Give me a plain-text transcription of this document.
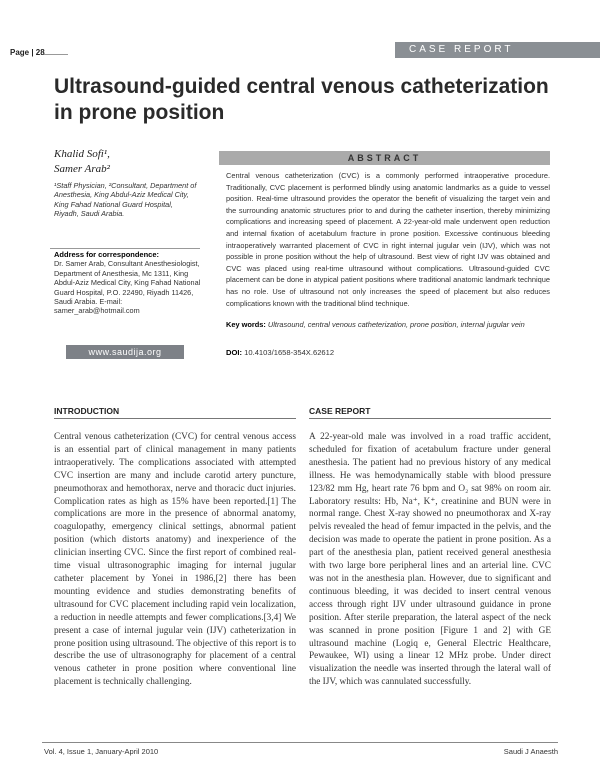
Page | 28	CASE REPORT
Ultrasound-guided central venous catheterization in prone position
Khalid Sofi¹,
Samer Arab²
¹Staff Physician, ²Consultant, Department of Anesthesia, King Abdul-Aziz Medical City, King Fahad National Guard Hospital, Riyadh, Saudi Arabia.
Address for correspondence:
Dr. Samer Arab, Consultant Anesthesiologist, Department of Anesthesia, Mc 1311, King Abdul-Aziz Medical City, King Fahad National Guard Hospital, P.O. 22490, Riyadh 11426, Saudi Arabia. E-mail: samer_arab@hotmail.com
www.saudija.org
ABSTRACT

Central venous catheterization (CVC) is a commonly performed intraoperative procedure. Traditionally, CVC placement is performed blindly using anatomic landmarks as a guide to vessel position. Real-time ultrasound provides the operator the benefit of visualizing the target vein and the surrounding anatomic structures prior to and during the catheter insertion, thereby minimizing complications and increasing speed of placement. A 22-year-old male underwent open reduction and internal fixation of acetabulum fracture in prone position. Excessive continuous bleeding intraoperatively warranted placement of CVC in right internal jugular vein (IJV), which was not possible in prone position without the help of ultrasound. Best view of right IJV was obtained and CVC was placed using real-time ultrasound without complications. Ultrasound-guided CVC placement can be done in atypical patient positions where traditional anatomic landmark technique has no role. Use of ultrasound not only increases the speed of placement but also reduces complications known with the traditional blind technique.

Key words: Ultrasound, central venous catheterization, prone position, internal jugular vein
DOI: 10.4103/1658-354X.62612
INTRODUCTION

Central venous catheterization (CVC) for central venous access is an essential part of clinical management in many patients intraoperatively. The complications associated with attempted CVC insertion are many and include carotid artery puncture, pneumothorax and hemothorax, nerve and thoracic duct injuries. Complication rates as high as 15% have been reported.[1] The complications are more in the presence of abnormal anatomy, coagulopathy, emergency clinical settings, abnormal patient position (which distorts anatomy) and inexperience of the clinician inserting CVC. Since the first report of combined real-time visual ultrasonographic imaging for internal jugular catheter placement by Yonei in 1986,[2] there has been mounting evidence and studies demonstrating benefits of ultrasound for CVC placement including rapid vein localization, a reduction in needle attempts and fewer complications.[3,4] We present a case of internal jugular vein (IJV) catheterization in prone position using ultrasound. The objective of this report is to describe the use of ultrasonography for placement of a central venous catheter in prone position where conventional line placement is technically challenging.

CASE REPORT

A 22-year-old male was involved in a road traffic accident, scheduled for fixation of acetabulum fracture under general anesthesia. The patient had no previous history of any medical illness. He was hemodynamically stable with blood pressure 123/82 mm Hg, heart rate 76 bpm and O₂ sat 98% on room air. Laboratory results: Hb, Na⁺, K⁺, creatinine and BUN were in normal range. Chest X-ray showed no pneumothorax and X-ray pelvis revealed the head of femur impacted in the pelvis, and the decision was made to operate the patient in prone position. As a part of the anesthesia plan, patient received general anesthesia with two large bore peripheral lines and an arterial line. CVC was not in the anesthesia plan. However, due to significant and continuous bleeding, it was decided to insert central venous access through right IJV under ultrasound guidance in prone position. After sterile preparation, the lateral aspect of the neck was scanned in prone position [Figure 1 and 2] with GE ultrasound machine (Logiq e, General Electric Healthcare, Pewaukee, WI) using a linear 12 MHz probe. Under direct visualization the needle was inserted through the lateral wall of the IJV, which was cannulated successfully.

Vol. 4, Issue 1, January-April 2010	Saudi J Anaesth
